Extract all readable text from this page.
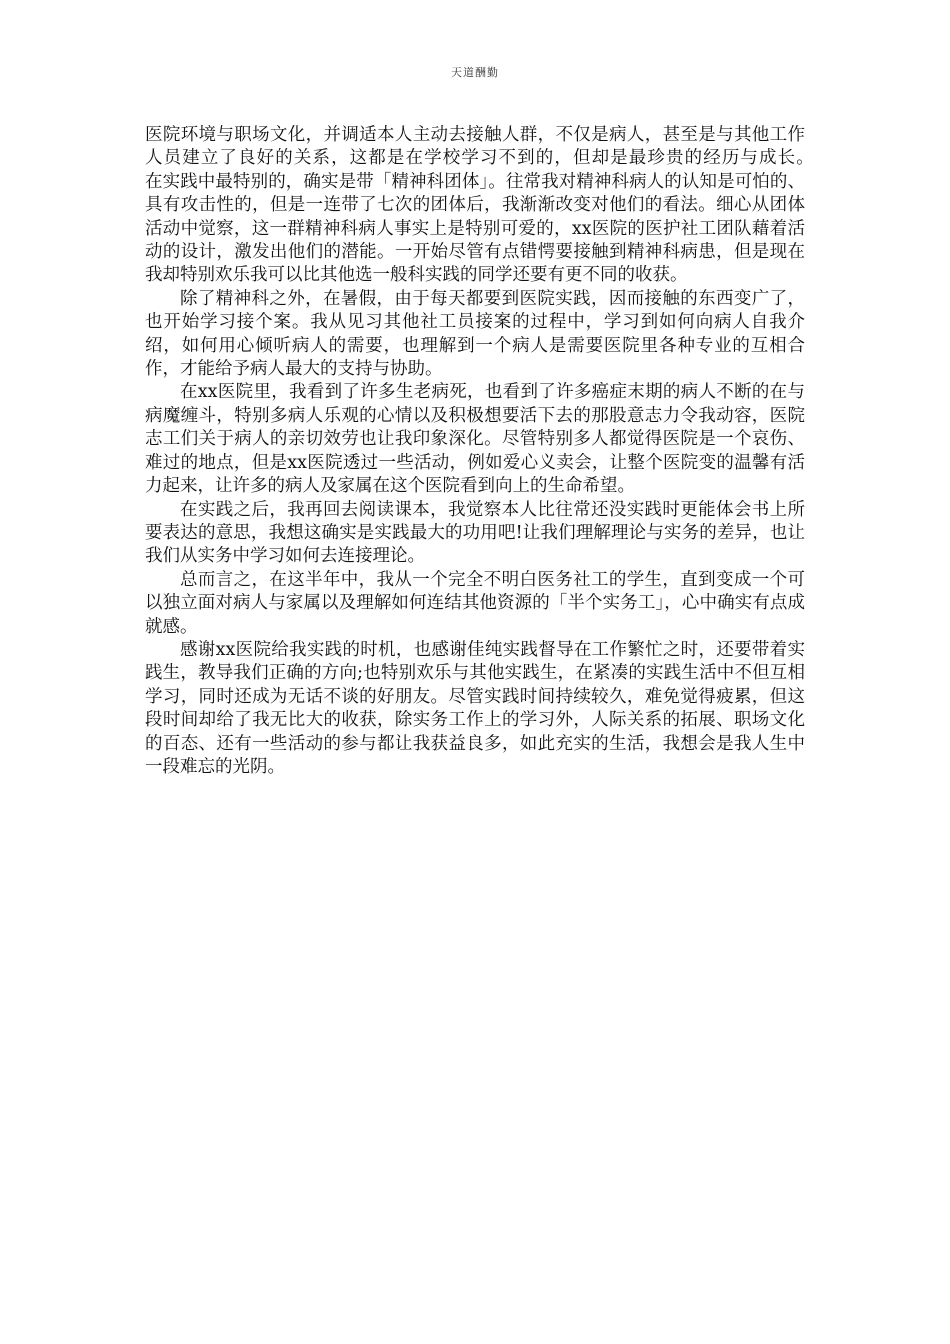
天道酬勤

医院环境与职场文化，并调适本人主动去接触人群，不仅是病人，甚至是与其他工作人员建立了良好的关系，这都是在学校学习不到的，但却是最珍贵的经历与成长。　　在实践中最特别的，确实是带「精神科团体」。往常我对精神科病人的认知是可怕的、具有攻击性的，但是一连带了七次的团体后，我渐渐改变对他们的看法。细心从团体活动中觉察，这一群精神科病人事实上是特别可爱的，xx医院的医护社工团队藉着活动的设计，激发出他们的潜能。一开始尽管有点错愕要接触到精神科病患，但是现在我却特别欢乐我可以比其他选一般科实践的同学还要有更不同的收获。

除了精神科之外，在暑假，由于每天都要到医院实践，因而接触的东西变广了，也开始学习接个案。我从见习其他社工员接案的过程中，学习到如何向病人自我介绍，如何用心倾听病人的需要，也理解到一个病人是需要医院里各种专业的互相合作，才能给予病人最大的支持与协助。

在xx医院里，我看到了许多生老病死，也看到了许多癌症末期的病人不断的在与病魔缠斗，特别多病人乐观的心情以及积极想要活下去的那股意志力令我动容，医院志工们关于病人的亲切效劳也让我印象深化。尽管特别多人都觉得医院是一个哀伤、难过的地点，但是xx医院透过一些活动，例如爱心义卖会，让整个医院变的温馨有活力起来，让许多的病人及家属在这个医院看到向上的生命希望。

在实践之后，我再回去阅读课本，我觉察本人比往常还没实践时更能体会书上所要表达的意思，我想这确实是实践最大的功用吧!让我们理解理论与实务的差异，也让我们从实务中学习如何去连接理论。

总而言之，在这半年中，我从一个完全不明白医务社工的学生，直到变成一个可以独立面对病人与家属以及理解如何连结其他资源的「半个实务工」，心中确实有点成就感。

感谢xx医院给我实践的时机，也感谢佳纯实践督导在工作繁忙之时，还要带着实践生，教导我们正确的方向;也特别欢乐与其他实践生，在紧凑的实践生活中不但互相学习，同时还成为无话不谈的好朋友。尽管实践时间持续较久，难免觉得疲累，但这段时间却给了我无比大的收获，除实务工作上的学习外，人际关系的拓展、职场文化的百态、还有一些活动的参与都让我获益良多，如此充实的生活，我想会是我人生中一段难忘的光阴。
